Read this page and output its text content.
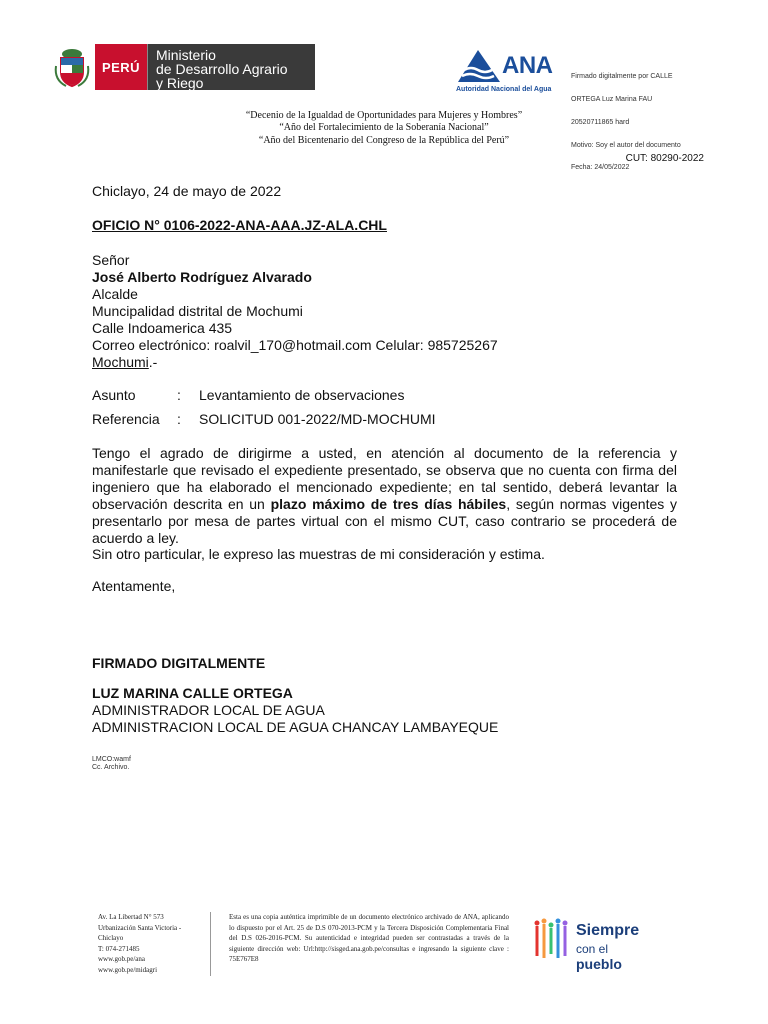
PERÚ
Ministerio
de Desarrollo Agrario
y Riego
ANA
Autoridad Nacional del Agua

Firmado digitalmente por CALLE

ORTEGA Luz Marina FAU

20520711865 hard

Motivo: Soy el autor del documento

Fecha: 24/05/2022

“Decenio de la Igualdad de Oportunidades para Mujeres y Hombres”
“Año del Fortalecimiento de la Soberanía Nacional”
“Año del Bicentenario del Congreso de la República del Perú”
CUT: 80290-2022
Chiclayo, 24 de mayo de 2022
OFICIO N° 0106-2022-ANA-AAA.JZ-ALA.CHL
Señor
José Alberto Rodríguez Alvarado
Alcalde
Muncipalidad distrital de Mochumi
Calle Indoamerica 435
Correo electrónico: roalvil_170@hotmail.com Celular: 985725267
Mochumi.-
Asunto	:	Levantamiento de observaciones
Referencia	:	SOLICITUD 001-2022/MD-MOCHUMI
Tengo el agrado de dirigirme a usted, en atención al documento de la referencia y manifestarle que revisado el expediente presentado, se observa que no cuenta con firma del ingeniero que ha elaborado el mencionado expediente; en tal sentido, deberá levantar la observación descrita en un plazo máximo de tres días hábiles, según normas vigentes y presentarlo por mesa de partes virtual con el mismo CUT, caso contrario se procederá de acuerdo a ley.
Sin otro particular, le expreso las muestras de mi consideración y estima.
Atentamente,
FIRMADO DIGITALMENTE
LUZ MARINA CALLE ORTEGA
ADMINISTRADOR LOCAL DE AGUA
ADMINISTRACION LOCAL DE AGUA CHANCAY LAMBAYEQUE
LMCO:wamf
Cc. Archivo.
Av. La Libertad N° 573
Urbanización Santa Victoria -
Chiclayo
T: 074-271485
www.gob.pe/ana
www.gob.pe/midagri
Esta es una copia auténtica imprimible de un documento electrónico archivado de ANA, aplicando lo dispuesto por el Art. 25 de D.S 070-2013-PCM y la Tercera Disposición Complementaria Final del D.S 026-2016-PCM. Su autenticidad e integridad pueden ser contrastadas a través de la siguiente dirección web: Url:http://sisged.ana.gob.pe/consultas e ingresando la siguiente clave : 75E767E8
Siempre
con el pueblo
